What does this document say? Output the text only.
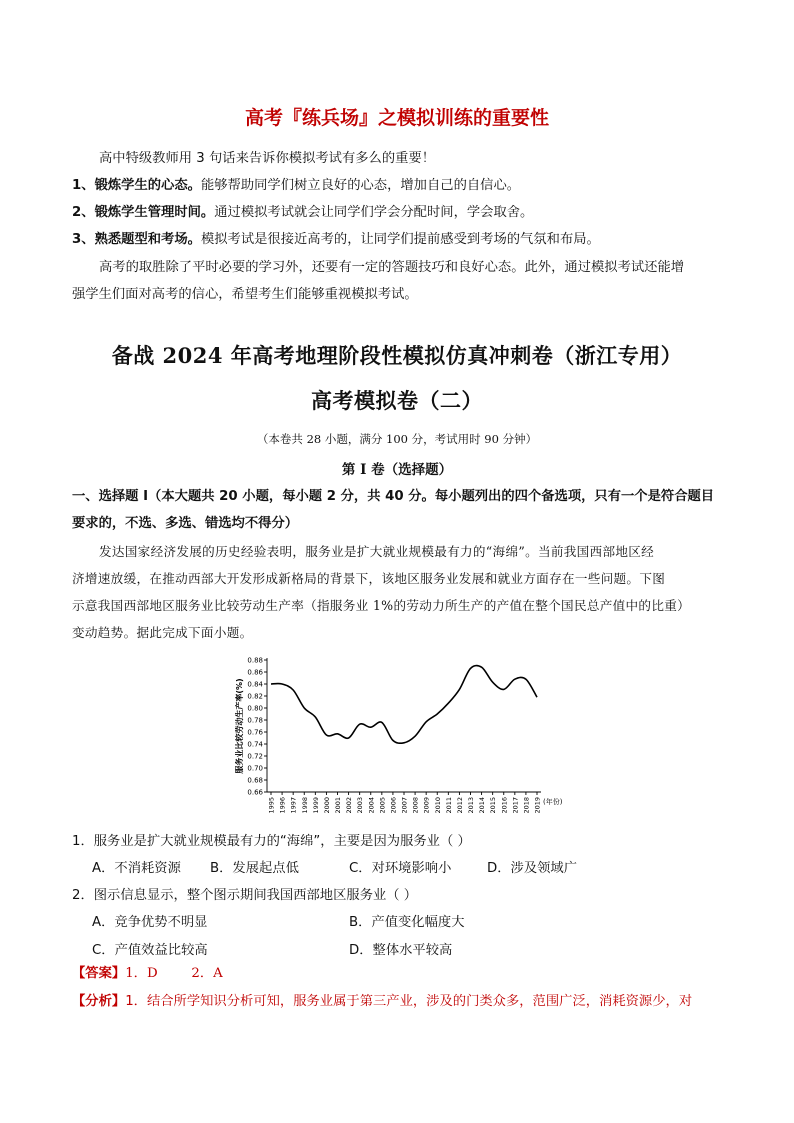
高考『练兵场』之模拟训练的重要性
高中特级教师用 3 句话来告诉你模拟考试有多么的重要！
1、锻炼学生的心态。能够帮助同学们树立良好的心态，增加自己的自信心。
2、锻炼学生管理时间。通过模拟考试就会让同学们学会分配时间，学会取舍。
3、熟悉题型和考场。模拟考试是很接近高考的，让同学们提前感受到考场的气氛和布局。
高考的取胜除了平时必要的学习外，还要有一定的答题技巧和良好心态。此外，通过模拟考试还能增
强学生们面对高考的信心，希望考生们能够重视模拟考试。
备战 2024 年高考地理阶段性模拟仿真冲刺卷（浙江专用）
高考模拟卷（二）
（本卷共 28 小题，满分 100 分，考试用时 90 分钟）
第 I 卷（选择题）
一、选择题 I（本大题共 20 小题，每小题 2 分，共 40 分。每小题列出的四个备选项，只有一个是符合题目
要求的，不选、多选、错选均不得分）
发达国家经济发展的历史经验表明，服务业是扩大就业规模最有力的“海绵”。当前我国西部地区经
济增速放缓，在推动西部大开发形成新格局的背景下，该地区服务业发展和就业方面存在一些问题。下图
示意我国西部地区服务业比较劳动生产率（指服务业 1%的劳动力所生产的产值在整个国民总产值中的比重）
变动趋势。据此完成下面小题。
0.88
0.86
0.84
0.82
0.80
0.78
0.76
0.74
0.72
0.70
0.68
0.66
1995 1996 1997 1998 1999 2000 2001 2002 2003 2004 2005 2006 2007 2008 2009 2010 2011 2012 2013 2014 2015 2016 2017 2018 2019
服务业比较劳动生产率(%)
(年份)
1．服务业是扩大就业规模最有力的“海绵”，主要是因为服务业（ ）
A．不消耗资源 B．发展起点低	C．对环境影响小	D．涉及领域广
2．图示信息显示，整个图示期间我国西部地区服务业（ ）
A．竞争优势不明显	B．产值变化幅度大
C．产值效益比较高	D．整体水平较高
【答案】1．D        2．A
【分析】1．结合所学知识分析可知，服务业属于第三产业，涉及的门类众多，范围广泛，消耗资源少，对
